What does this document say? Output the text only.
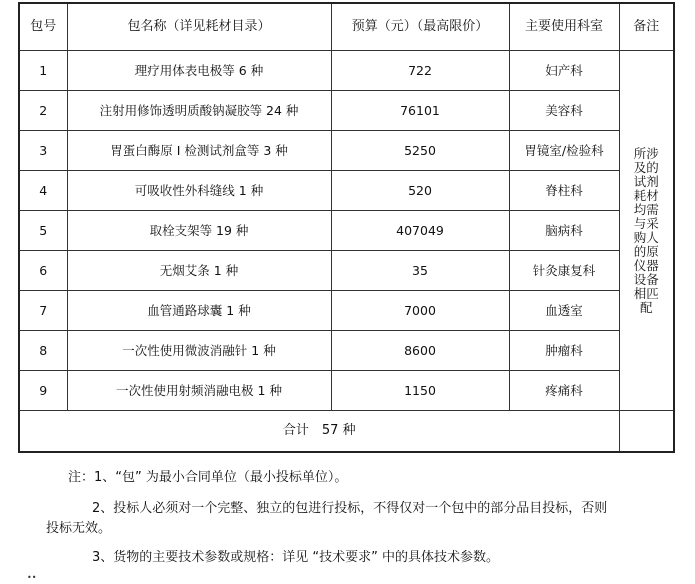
包号	包名称（详见耗材目录）	预算（元）（最高限价）	主要使用科室	备注
1	理疗用体表电极等 6 种	722	妇产科	所涉及的试剂耗材均需与采购人的原仪器设备相匹配
2	注射用修饰透明质酸钠凝胶等 24 种	76101	美容科	
3	胃蛋白酶原 I 检测试剂盒等 3 种	5250	胃镜室/检验科	
4	可吸收性外科缝线 1 种	520	脊柱科	
5	取栓支架等 19 种	407049	脑病科	
6	无烟艾条 1 种	35	针灸康复科	
7	血管通路球囊 1 种	7000	血透室	
8	一次性使用微波消融针 1 种	8600	肿瘤科	
9	一次性使用射频消融电极 1 种	1150	疼痛科	
合计　57 种				

注：1、“包” 为最小合同单位（最小投标单位）。

2、投标人必须对一个完整、独立的包进行投标，不得仅对一个包中的部分品目投标，否则投标无效。

3、货物的主要技术参数或规格：详见 “技术要求” 中的具体技术参数。

••
